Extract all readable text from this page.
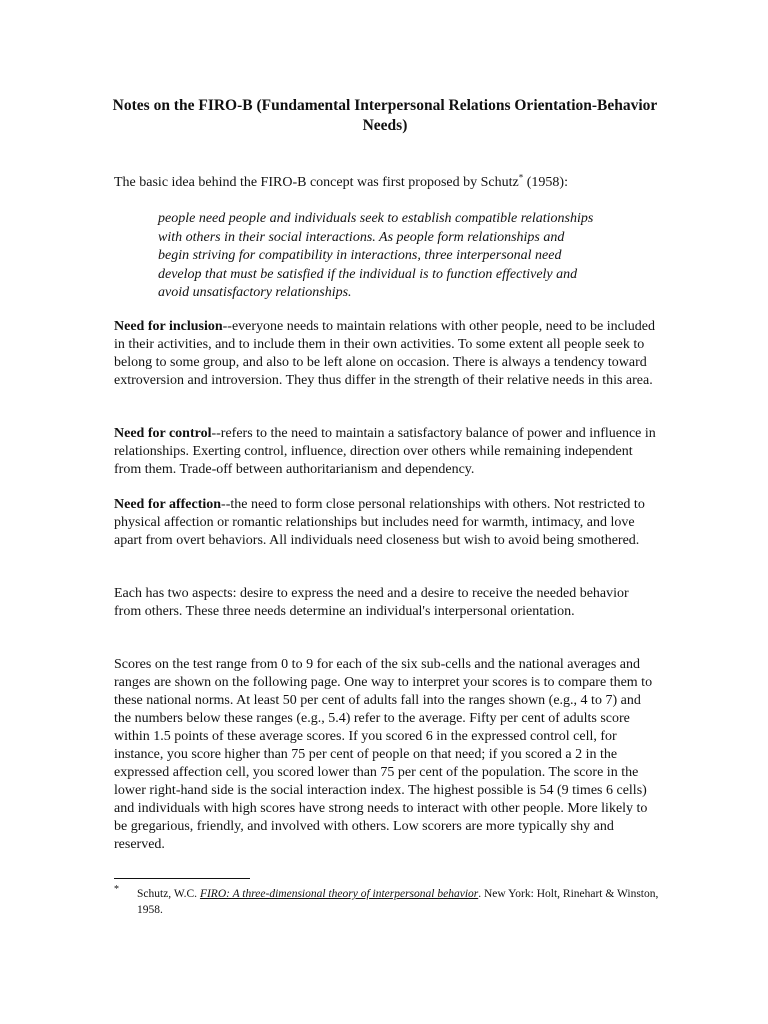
Notes on the FIRO-B (Fundamental Interpersonal Relations Orientation-Behavior Needs)

The basic idea behind the FIRO-B concept was first proposed by Schutz* (1958):

people need people and individuals seek to establish compatible relationships with others in their social interactions. As people form relationships and begin striving for compatibility in interactions, three interpersonal need develop that must be satisfied if the individual is to function effectively and avoid unsatisfactory relationships.

Need for inclusion--everyone needs to maintain relations with other people, need to be included in their activities, and to include them in their own activities. To some extent all people seek to belong to some group, and also to be left alone on occasion. There is always a tendency toward extroversion and introversion. They thus differ in the strength of their relative needs in this area.

Need for control--refers to the need to maintain a satisfactory balance of power and influence in relationships. Exerting control, influence, direction over others while remaining independent from them. Trade-off between authoritarianism and dependency.

Need for affection--the need to form close personal relationships with others. Not restricted to physical affection or romantic relationships but includes need for warmth, intimacy, and love apart from overt behaviors. All individuals need closeness but wish to avoid being smothered.

Each has two aspects: desire to express the need and a desire to receive the needed behavior from others. These three needs determine an individual's interpersonal orientation.

Scores on the test range from 0 to 9 for each of the six sub-cells and the national averages and ranges are shown on the following page. One way to interpret your scores is to compare them to these national norms. At least 50 per cent of adults fall into the ranges shown (e.g., 4 to 7) and the numbers below these ranges (e.g., 5.4) refer to the average. Fifty per cent of adults score within 1.5 points of these average scores. If you scored 6 in the expressed control cell, for instance, you score higher than 75 per cent of people on that need; if you scored a 2 in the expressed affection cell, you scored lower than 75 per cent of the population. The score in the lower right-hand side is the social interaction index. The highest possible is 54 (9 times 6 cells) and individuals with high scores have strong needs to interact with other people. More likely to be gregarious, friendly, and involved with others. Low scorers are more typically shy and reserved.

* Schutz, W.C. FIRO: A three-dimensional theory of interpersonal behavior. New York: Holt, Rinehart & Winston, 1958.
